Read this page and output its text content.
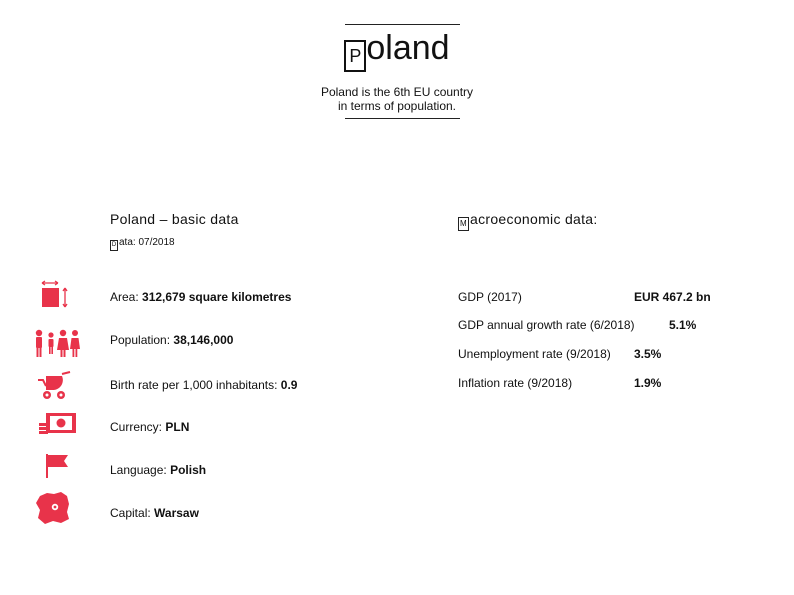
P oland
Poland is the 6th EU country
in terms of population.
Poland – basic data
D ata: 07/2018
Area: 312,679 square kilometres
Population: 38,146,000
Birth rate per 1,000 inhabitants: 0.9
Currency: PLN
Language: Polish
Capital: Warsaw
M acroeconomic data:
GDP (2017)	EUR 467.2 bn
GDP annual growth rate (6/2018)	5.1%
Unemployment rate (9/2018) 3.5%
Inflation rate (9/2018)	1.9%
